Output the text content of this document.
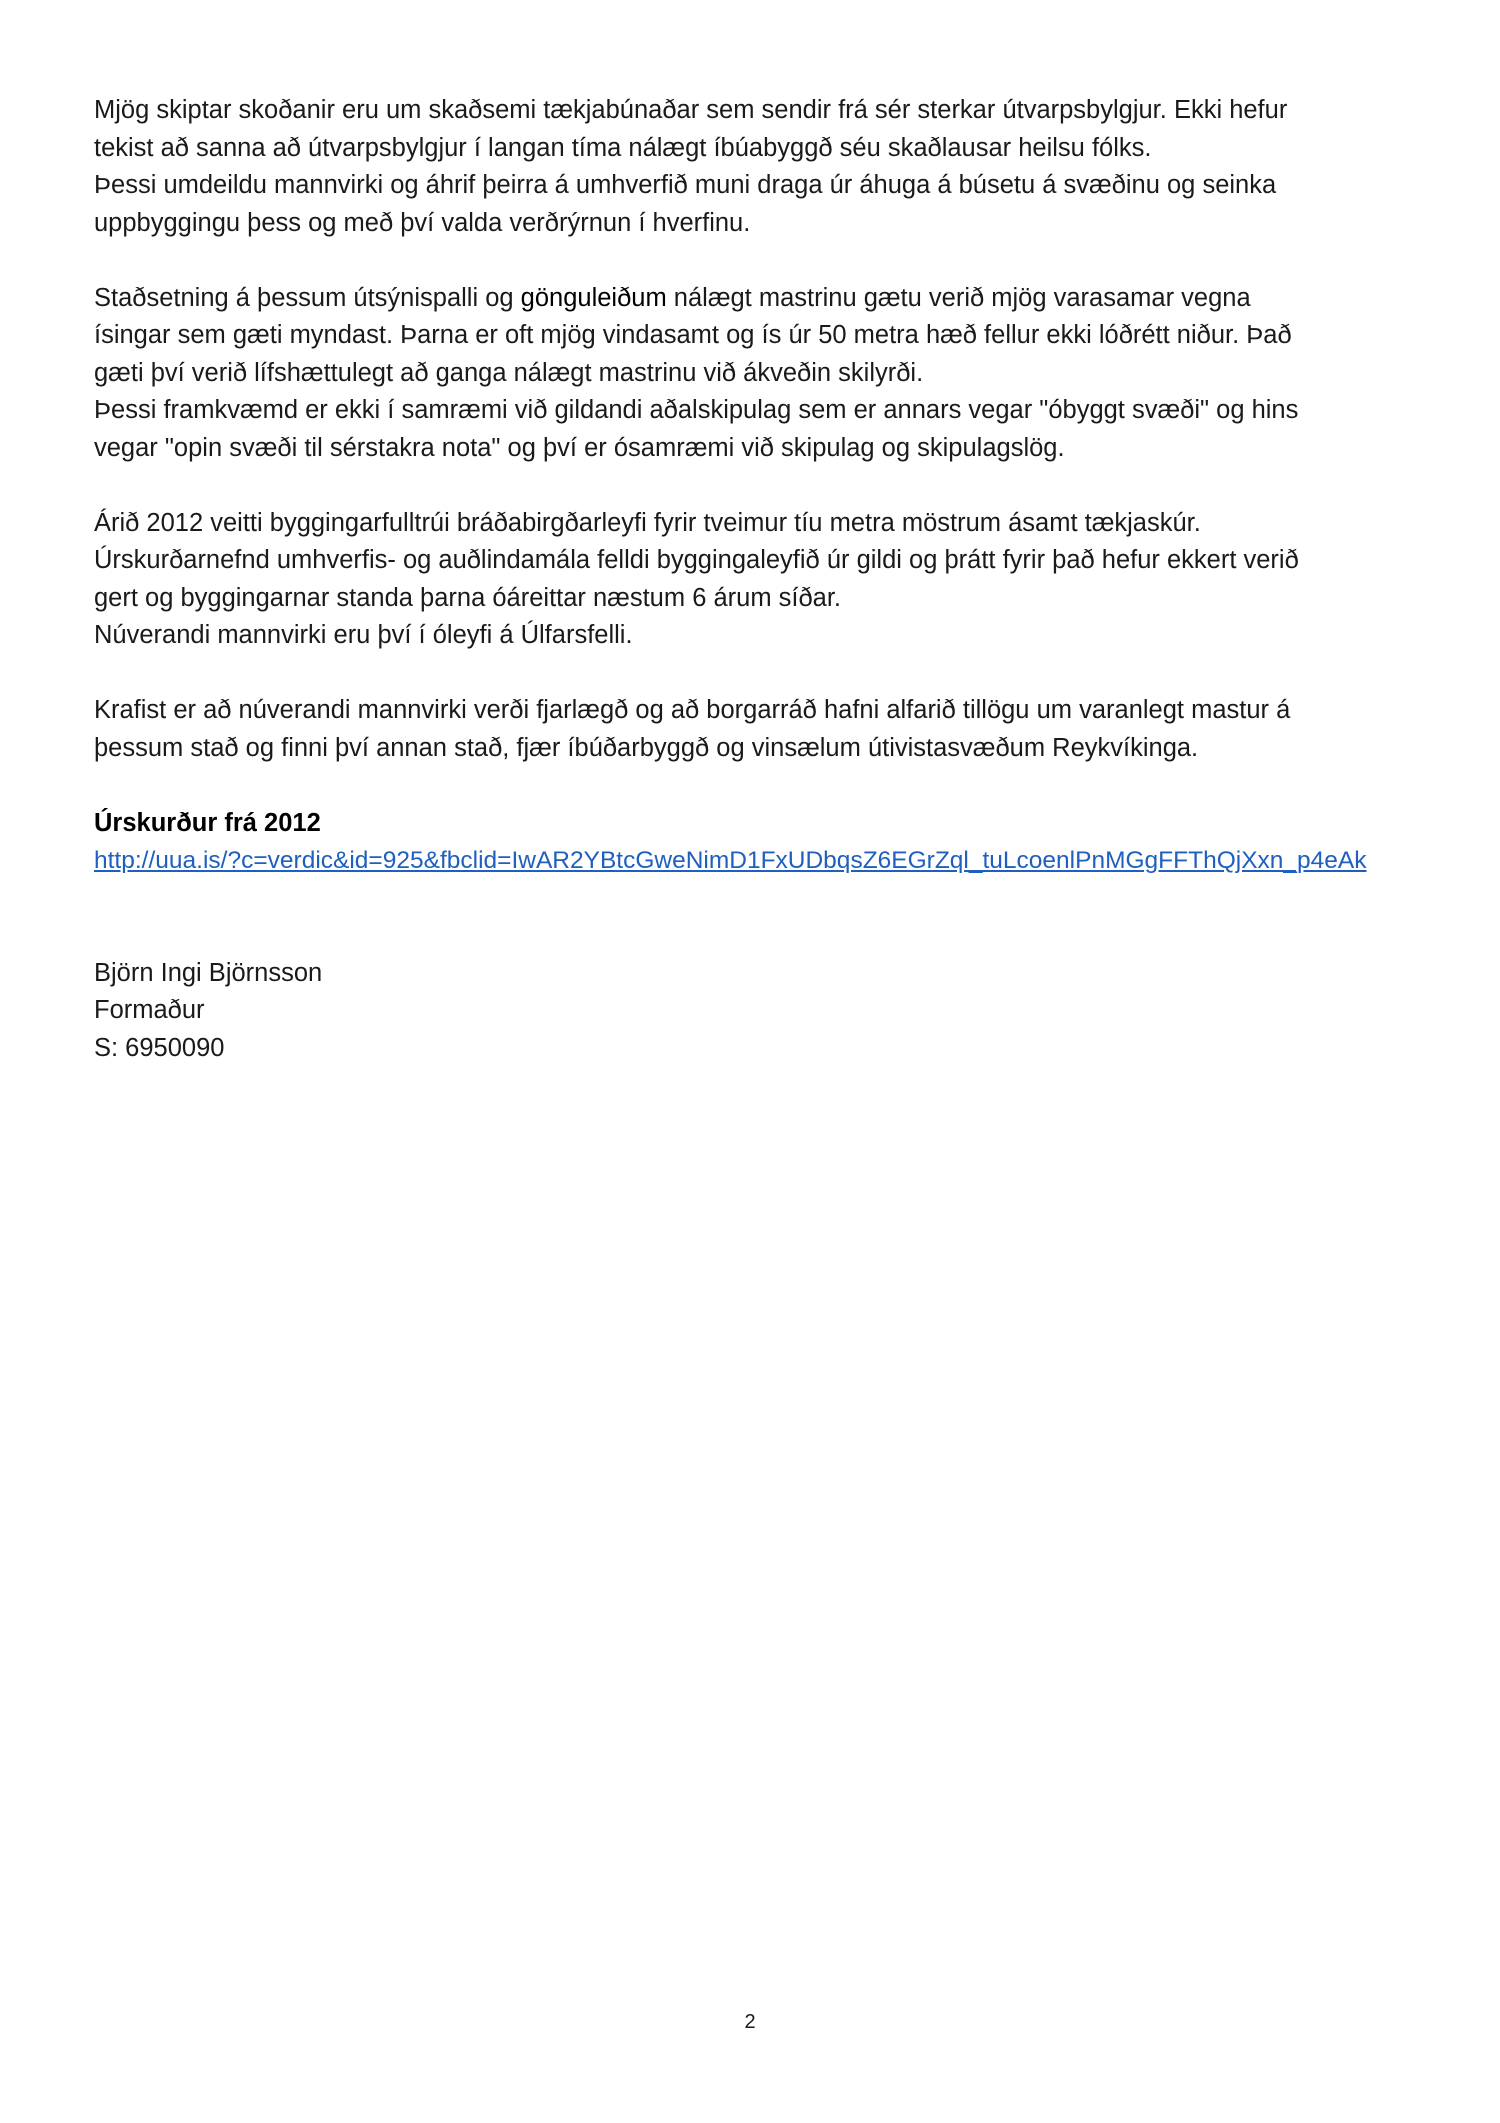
Mjög skiptar skoðanir eru um skaðsemi tækjabúnaðar sem sendir frá sér sterkar útvarpsbylgjur. Ekki hefur

tekist að sanna að útvarpsbylgjur í langan tíma nálægt íbúabyggð séu skaðlausar heilsu fólks.

Þessi umdeildu mannvirki og áhrif þeirra á umhverfið muni draga úr áhuga á búsetu á svæðinu og seinka

uppbyggingu þess og með því valda verðrýrnun í hverfinu.

Staðsetning á þessum útsýnispalli og gönguleiðum nálægt mastrinu gætu verið mjög varasamar vegna

ísingar sem gæti myndast. Þarna er oft mjög vindasamt og ís úr 50 metra hæð fellur ekki lóðrétt niður. Það

gæti því verið lífshættulegt að ganga nálægt mastrinu við ákveðin skilyrði.

Þessi framkvæmd er ekki í samræmi við gildandi aðalskipulag sem er annars vegar "óbyggt svæði" og hins

vegar "opin svæði til sérstakra nota" og því er ósamræmi við skipulag og skipulagslög.

Árið 2012 veitti byggingarfulltrúi bráðabirgðarleyfi fyrir tveimur tíu metra möstrum ásamt tækjaskúr.

Úrskurðarnefnd umhverfis- og auðlindamála felldi byggingaleyfið úr gildi og þrátt fyrir það hefur ekkert verið

gert og byggingarnar standa þarna óáreittar næstum 6 árum síðar.

Núverandi mannvirki eru því í óleyfi á Úlfarsfelli.

Krafist er að núverandi mannvirki verði fjarlægð og að borgarráð hafni alfarið tillögu um varanlegt mastur á

þessum stað og finni því annan stað, fjær íbúðarbyggð og vinsælum útivistasvæðum Reykvíkinga.

Úrskurður frá 2012

http://uua.is/?c=verdic&id=925&fbclid=IwAR2YBtcGweNimD1FxUDbqsZ6EGrZql_tuLcoenlPnMGgFFThQjXxn_p4eAk

Björn Ingi Björnsson

Formaður

S: 6950090

2
